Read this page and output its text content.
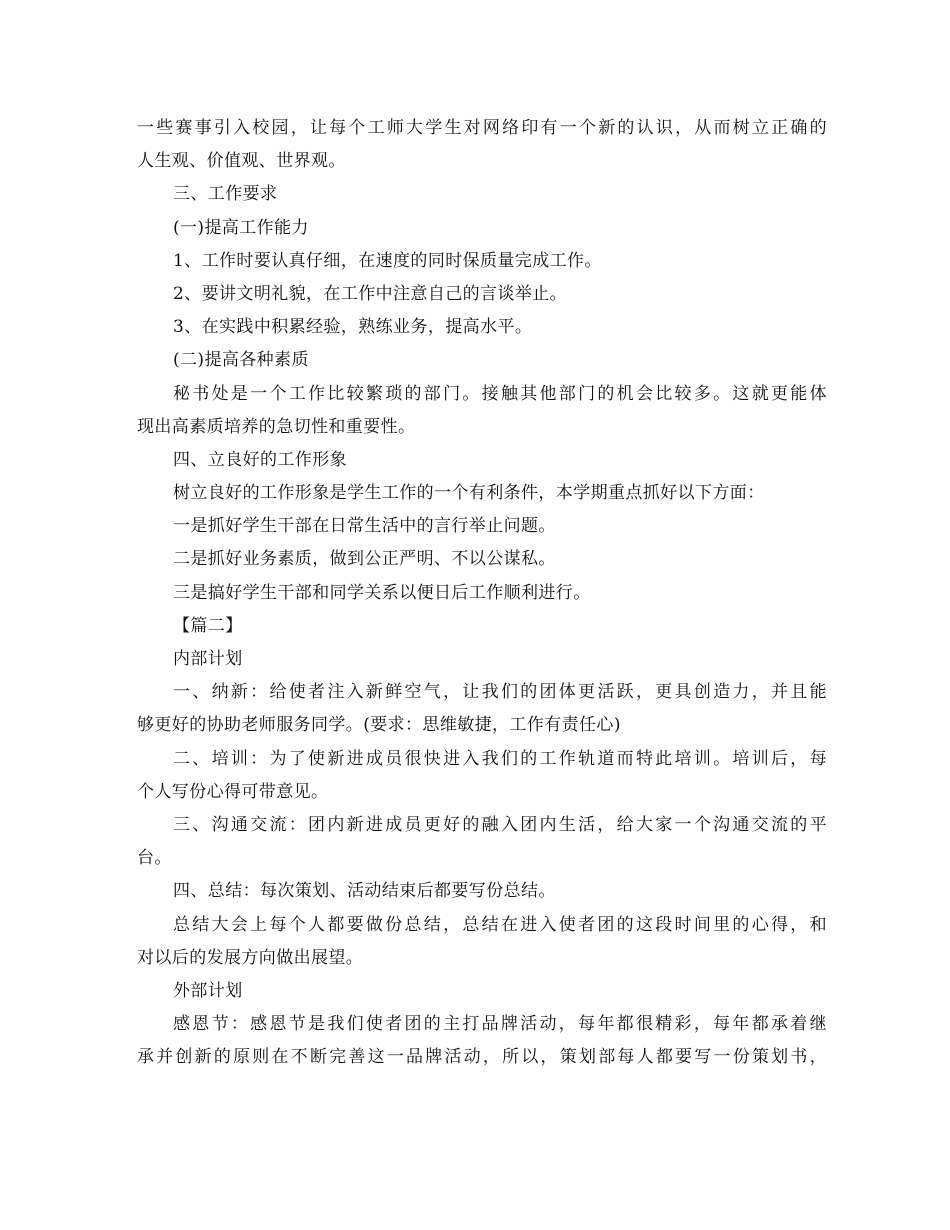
一些赛事引入校园，让每个工师大学生对网络印有一个新的认识，从而树立正确的
人生观、价值观、世界观。
三、工作要求
(一)提高工作能力
1、工作时要认真仔细，在速度的同时保质量完成工作。
2、要讲文明礼貌，在工作中注意自己的言谈举止。
3、在实践中积累经验，熟练业务，提高水平。
(二)提高各种素质
秘书处是一个工作比较繁琐的部门。接触其他部门的机会比较多。这就更能体
现出高素质培养的急切性和重要性。
四、立良好的工作形象
树立良好的工作形象是学生工作的一个有利条件，本学期重点抓好以下方面：
一是抓好学生干部在日常生活中的言行举止问题。
二是抓好业务素质，做到公正严明、不以公谋私。
三是搞好学生干部和同学关系以便日后工作顺利进行。
【篇二】
内部计划
一、纳新：给使者注入新鲜空气，让我们的团体更活跃，更具创造力，并且能
够更好的协助老师服务同学。(要求：思维敏捷，工作有责任心)
二、培训：为了使新进成员很快进入我们的工作轨道而特此培训。培训后，每
个人写份心得可带意见。
三、沟通交流：团内新进成员更好的融入团内生活，给大家一个沟通交流的平
台。
四、总结：每次策划、活动结束后都要写份总结。
总结大会上每个人都要做份总结，总结在进入使者团的这段时间里的心得，和
对以后的发展方向做出展望。
外部计划
感恩节：感恩节是我们使者团的主打品牌活动，每年都很精彩，每年都承着继
承并创新的原则在不断完善这一品牌活动，所以，策划部每人都要写一份策划书，
